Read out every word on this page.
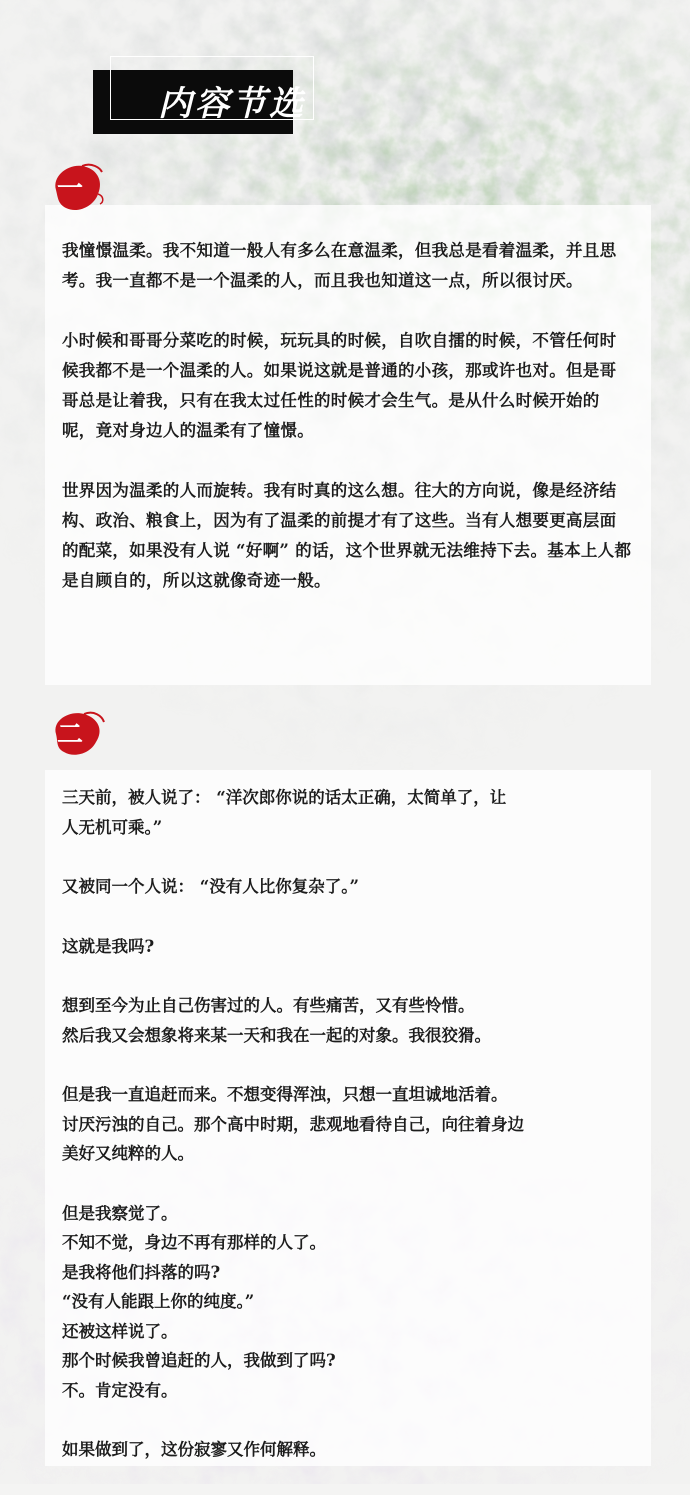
内容节选
一

我憧憬温柔。我不知道一般人有多么在意温柔，但我总是看着温柔，并且思考。我一直都不是一个温柔的人，而且我也知道这一点，所以很讨厌。

小时候和哥哥分菜吃的时候，玩玩具的时候，自吹自擂的时候，不管任何时候我都不是一个温柔的人。如果说这就是普通的小孩，那或许也对。但是哥哥总是让着我，只有在我太过任性的时候才会生气。是从什么时候开始的呢，竟对身边人的温柔有了憧憬。

世界因为温柔的人而旋转。我有时真的这么想。往大的方向说，像是经济结构、政治、粮食上，因为有了温柔的前提才有了这些。当有人想要更高层面的配菜，如果没有人说 “好啊” 的话，这个世界就无法维持下去。基本上人都是自顾自的，所以这就像奇迹一般。

二
三天前，被人说了： “洋次郎你说的话太正确，太简单了，让
人无机可乘。”
又被同一个人说： “没有人比你复杂了。”
这就是我吗?
想到至今为止自己伤害过的人。有些痛苦，又有些怜惜。
然后我又会想象将来某一天和我在一起的对象。我很狡猾。
但是我一直追赶而来。不想变得浑浊，只想一直坦诚地活着。
讨厌污浊的自己。那个高中时期，悲观地看待自己，向往着身边
美好又纯粹的人。
但是我察觉了。
不知不觉，身边不再有那样的人了。
是我将他们抖落的吗?
“没有人能跟上你的纯度。”
还被这样说了。
那个时候我曾追赶的人，我做到了吗?
不。肯定没有。
如果做到了，这份寂寥又作何解释。
